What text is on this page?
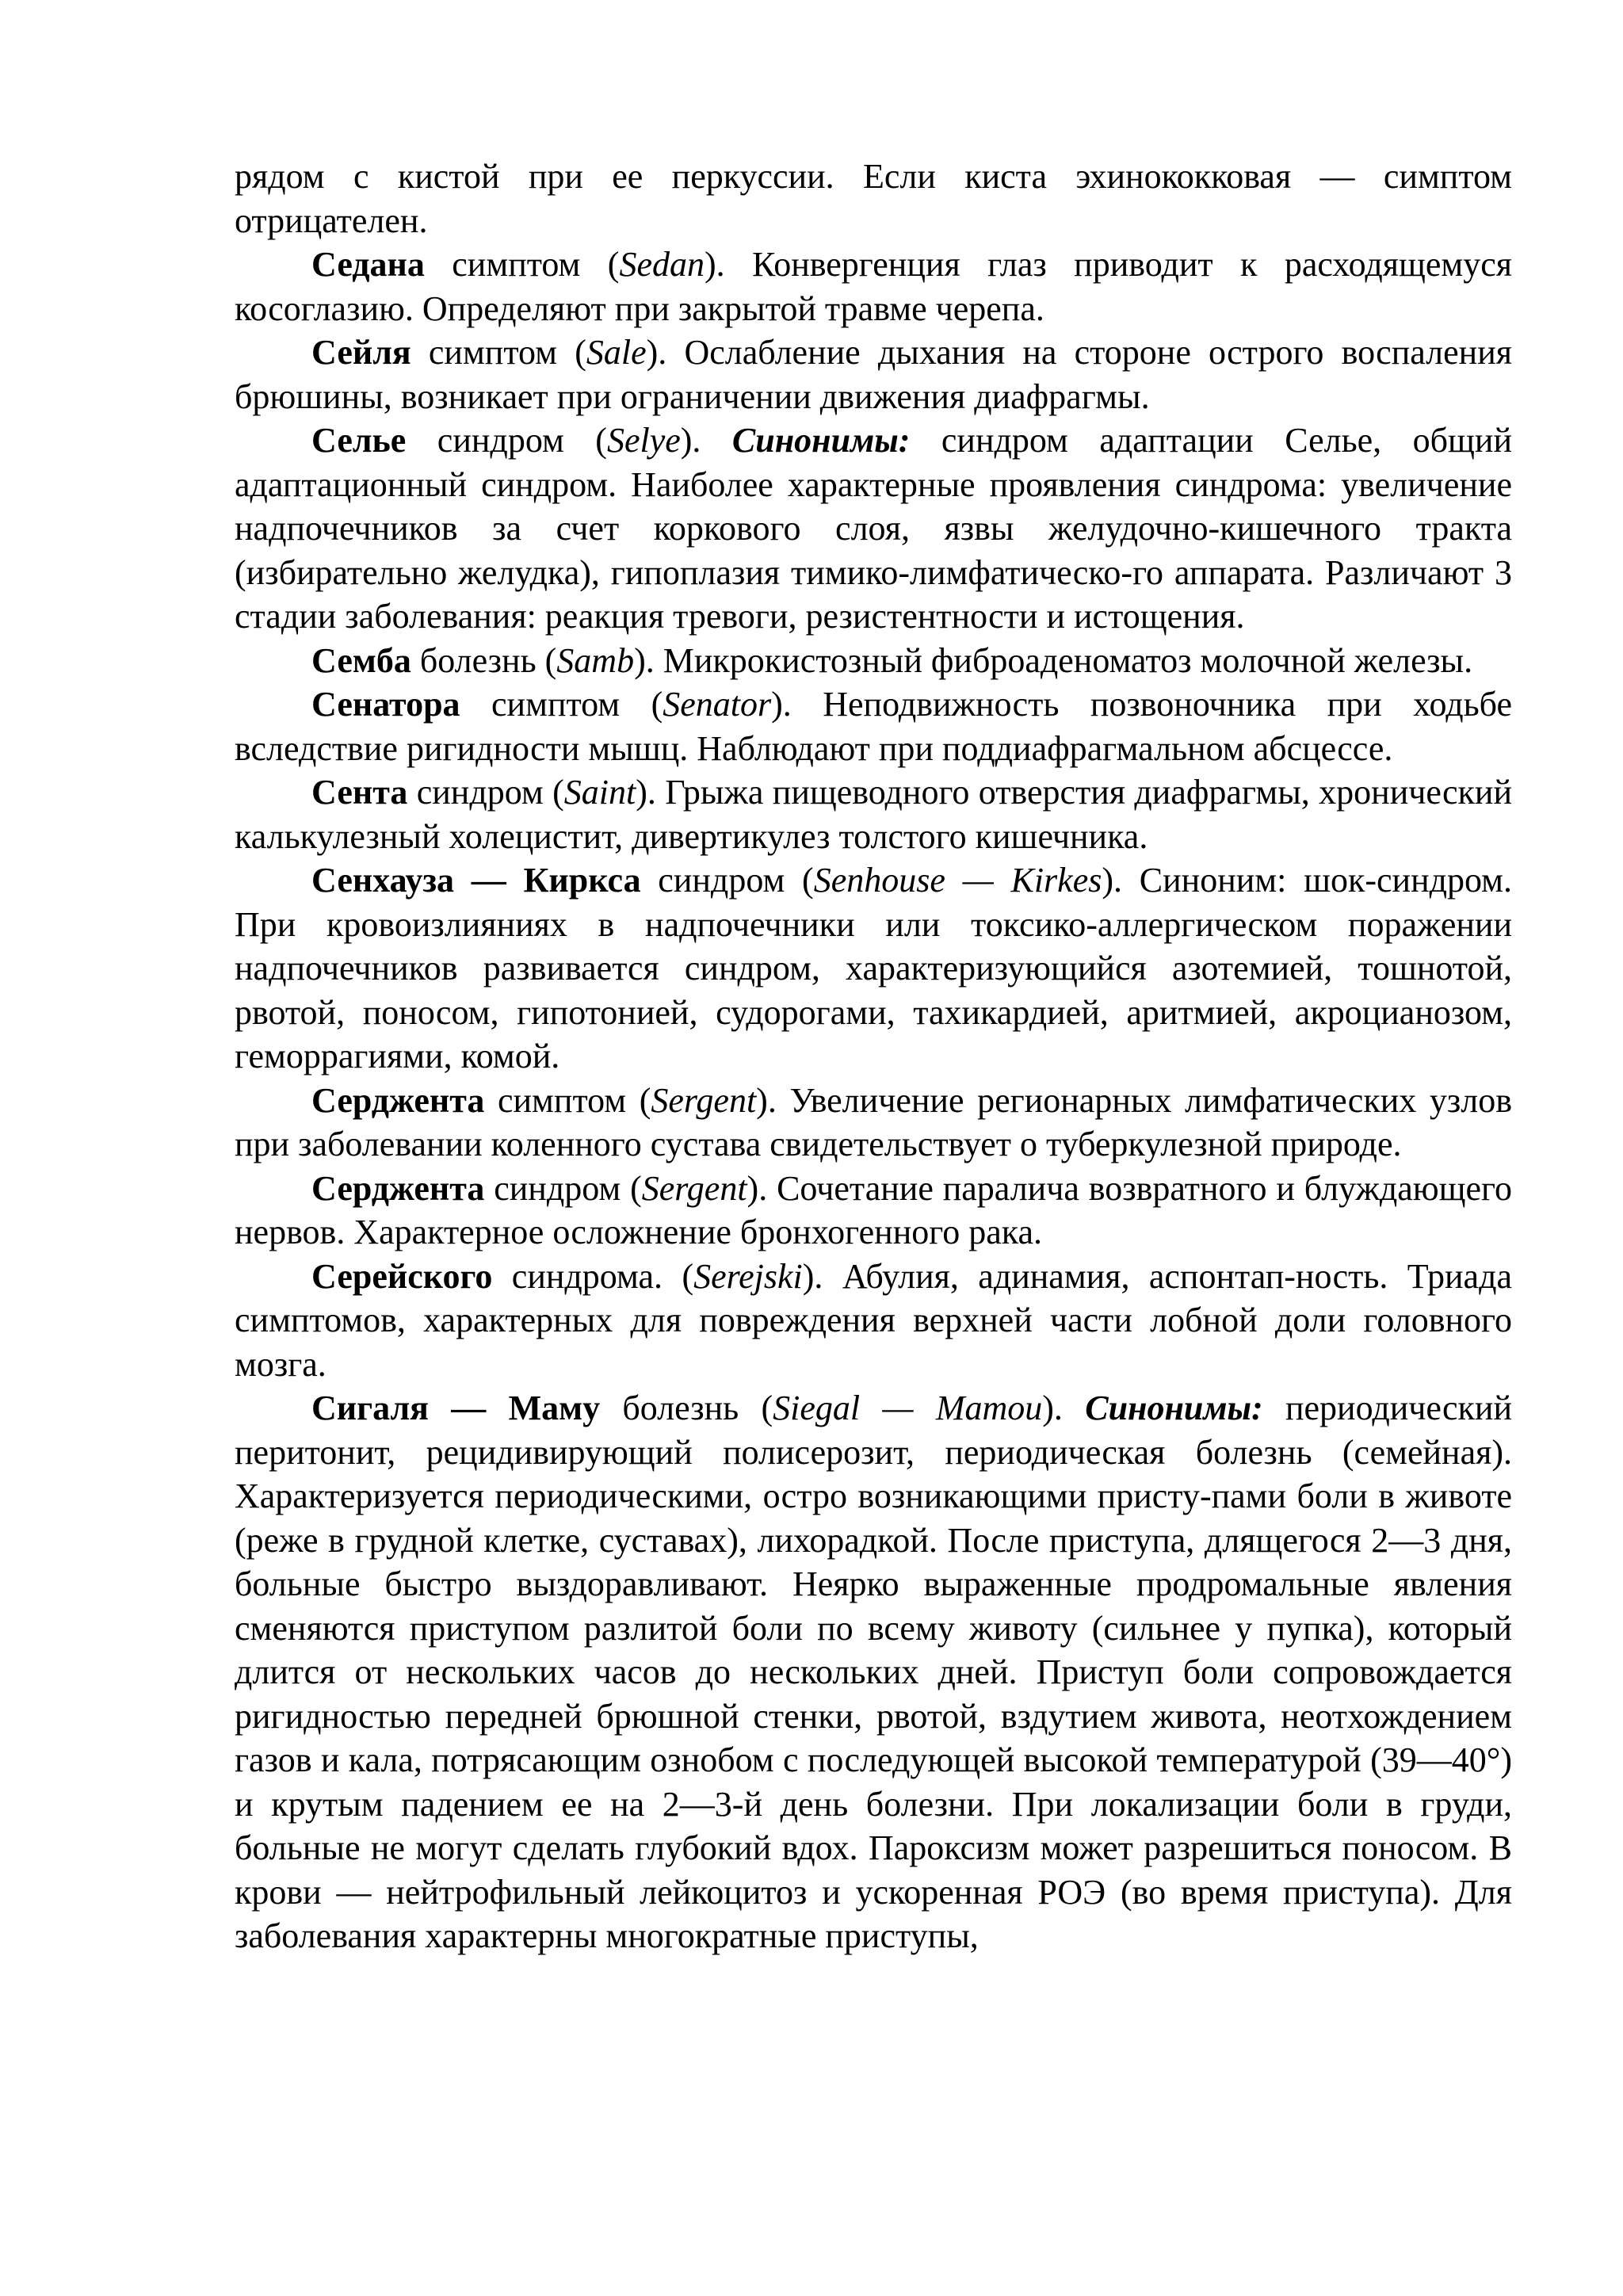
рядом с кистой при ее перкуссии. Если киста эхинококковая — симптом отрицателен.

Седана симптом (Sedan). Конвергенция глаз приводит к расходящемуся косоглазию. Определяют при закрытой травме черепа.

Сейля симптом (Sale). Ослабление дыхания на стороне острого воспаления брюшины, возникает при ограничении движения диафрагмы.

Селье синдром (Selye). Синонимы: синдром адаптации Селье, общий адаптационный синдром. Наиболее характерные проявления синдрома: увеличение надпочечников за счет коркового слоя, язвы желудочно-кишечного тракта (избирательно желудка), гипоплазия тимико-лимфатическо-го аппарата. Различают 3 стадии заболевания: реакция тревоги, резистентности и истощения.

Семба болезнь (Samb). Микрокистозный фиброаденоматоз молочной железы.

Сенатора симптом (Senator). Неподвижность позвоночника при ходьбе вследствие ригидности мышц. Наблюдают при поддиафрагмальном абсцессе.

Сента синдром (Saint). Грыжа пищеводного отверстия диафрагмы, хронический калькулезный холецистит, дивертикулез толстого кишечника.

Сенхауза — Киркса синдром (Senhouse — Kirkes). Синоним: шок-синдром. При кровоизлияниях в надпочечники или токсико-аллергическом поражении надпочечников развивается синдром, характеризующийся азотемией, тошнотой, рвотой, поносом, гипотонией, судорогами, тахикардией, аритмией, акроцианозом, геморрагиями, комой.

Серджента симптом (Sergent). Увеличение регионарных лимфатических узлов при заболевании коленного сустава свидетельствует о туберкулезной природе.

Серджента синдром (Sergent). Сочетание паралича возвратного и блуждающего нервов. Характерное осложнение бронхогенного рака.

Серейского синдрома. (Serejski). Абулия, адинамия, аспонтап-ность. Триада симптомов, характерных для повреждения верхней части лобной доли головного мозга.

Сигаля — Маму болезнь (Siegal — Mamou). Синонимы: периодический перитонит, рецидивирующий полисерозит, периодическая болезнь (семейная). Характеризуется периодическими, остро возникающими присту-пами боли в животе (реже в грудной клетке, суставах), лихорадкой. После приступа, длящегося 2—3 дня, больные быстро выздоравливают. Неярко выраженные продромальные явления сменяются приступом разлитой боли по всему животу (сильнее у пупка), который длится от нескольких часов до нескольких дней. Приступ боли сопровождается ригидностью передней брюшной стенки, рвотой, вздутием живота, неотхождением газов и кала, потрясающим ознобом с последующей высокой температурой (39—40°) и крутым падением ее на 2—3-й день болезни. При локализации боли в груди, больные не могут сделать глубокий вдох. Пароксизм может разрешиться поносом. В крови — нейтрофильный лейкоцитоз и ускоренная РОЭ (во время приступа). Для заболевания характерны многократные приступы,
